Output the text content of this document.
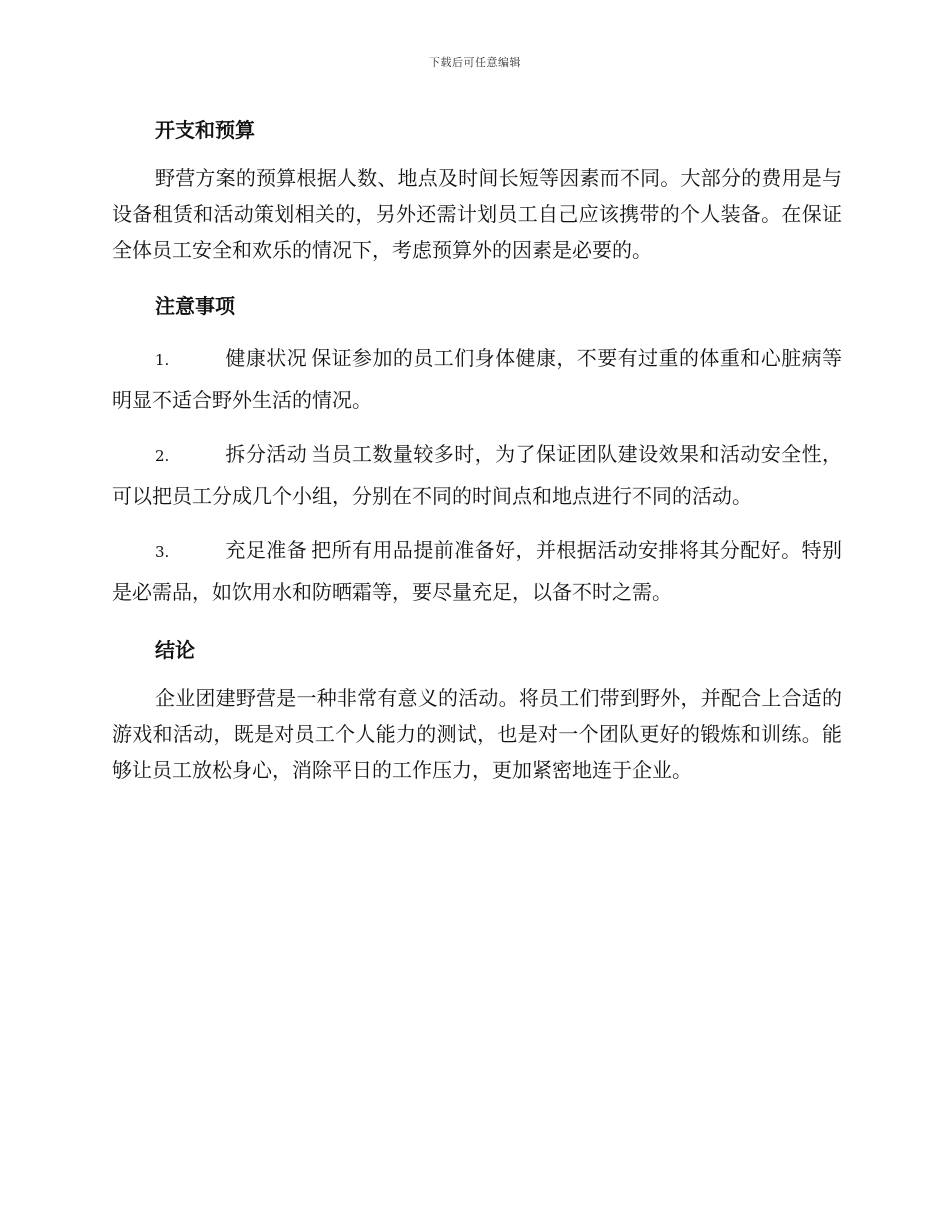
下载后可任意编辑
开支和预算

野营方案的预算根据人数、地点及时间长短等因素而不同。大部分的费用是与设备租赁和活动策划相关的，另外还需计划员工自己应该携带的个人装备。在保证全体员工安全和欢乐的情况下，考虑预算外的因素是必要的。

注意事项
1.	健康状况 保证参加的员工们身体健康，不要有过重的体重和心脏病等明显不适合野外生活的情况。
2.	拆分活动 当员工数量较多时，为了保证团队建设效果和活动安全性，可以把员工分成几个小组，分别在不同的时间点和地点进行不同的活动。
3.	充足准备 把所有用品提前准备好，并根据活动安排将其分配好。特别是必需品，如饮用水和防晒霜等，要尽量充足，以备不时之需。
结论

企业团建野营是一种非常有意义的活动。将员工们带到野外，并配合上合适的游戏和活动，既是对员工个人能力的测试，也是对一个团队更好的锻炼和训练。能够让员工放松身心，消除平日的工作压力，更加紧密地连于企业。
